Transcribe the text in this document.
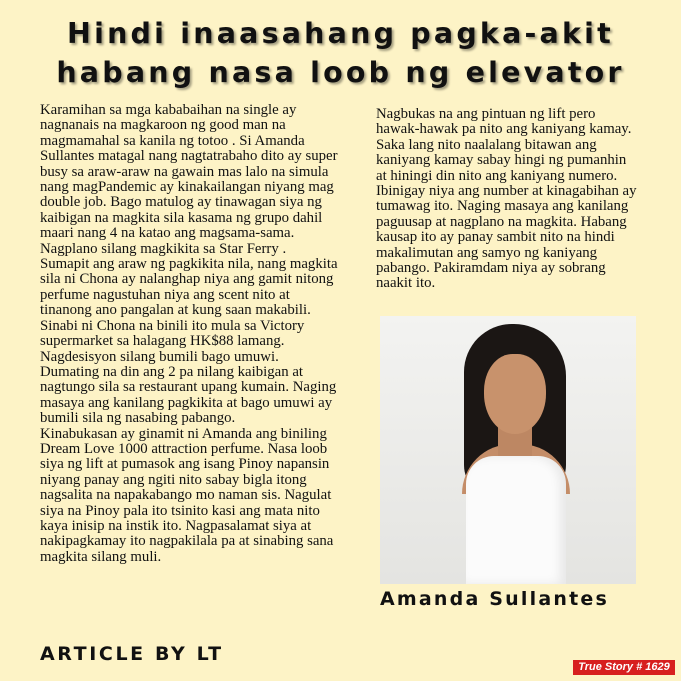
Hindi inaasahang pagka-akit
habang nasa loob ng elevator
Karamihan sa mga kababaihan na single ay
nagnanais na magkaroon ng good man na
magmamahal sa kanila ng totoo . Si Amanda
Sullantes matagal nang nagtatrabaho dito ay super
busy sa araw-araw na gawain mas lalo na simula
nang magPandemic ay kinakailangan niyang mag
double job. Bago matulog ay tinawagan siya ng
kaibigan na magkita sila kasama ng grupo dahil
maari nang 4 na katao ang magsama-sama.
Nagplano silang magkikita sa Star Ferry .
Sumapit ang araw ng pagkikita nila, nang magkita
sila ni Chona ay nalanghap niya ang gamit nitong
perfume nagustuhan niya ang scent nito at
tinanong ano pangalan at kung saan makabili.
Sinabi ni Chona na binili ito mula sa Victory
supermarket sa halagang HK$88 lamang.
Nagdesisyon silang bumili bago umuwi.
Dumating na din ang 2 pa nilang kaibigan at
nagtungo sila sa restaurant upang kumain. Naging
masaya ang kanilang pagkikita at bago umuwi ay
bumili sila ng nasabing pabango.
Kinabukasan ay ginamit ni Amanda ang biniling
Dream Love 1000 attraction perfume. Nasa loob
siya ng lift at pumasok ang isang Pinoy napansin
niyang panay ang ngiti nito sabay bigla itong
nagsalita na napakabango mo naman sis. Nagulat
siya na Pinoy pala ito tsinito kasi ang mata nito
kaya inisip na instik ito. Nagpasalamat siya at
nakipagkamay ito nagpakilala pa at sinabing sana
magkita silang muli.
Nagbukas na ang pintuan ng lift pero
hawak-hawak pa nito ang kaniyang kamay.
Saka lang nito naalalang bitawan ang
kaniyang kamay sabay hingi ng pumanhin
at hiningi din nito ang kaniyang numero.
Ibinigay niya ang number at kinagabihan ay
tumawag ito. Naging masaya ang kanilang
paguusap at nagplano na magkita. Habang
kausap ito ay panay sambit nito na hindi
makalimutan ang samyo ng kaniyang
pabango. Pakiramdam niya ay sobrang
naakit ito.
Amanda Sullantes
ARTICLE BY LT
True Story # 1629
